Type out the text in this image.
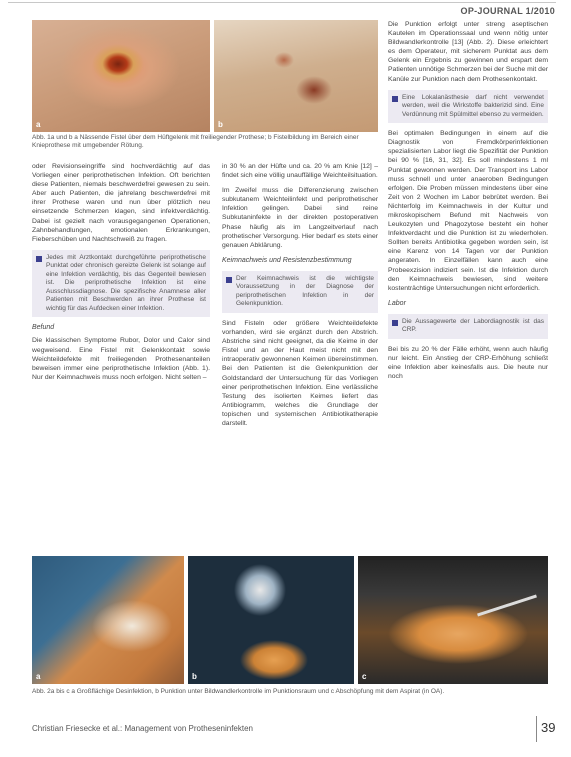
OP-JOURNAL 1/2010
a	b
Abb. 1a und b a Nässende Fistel über dem Hüftgelenk mit freiliegender Prothese; b Fistelbildung im Bereich einer Knieprothese mit umgebender Rötung.

oder Revisionseingriffe sind hochverdächtig auf das Vorliegen einer periprothetischen Infektion. Oft berichten diese Patienten, niemals beschwerdefrei gewesen zu sein. Aber auch Patienten, die jahrelang beschwerdefrei mit ihrer Prothese waren und nun über plötzlich neu einsetzende Schmerzen klagen, sind infektverdächtig. Dabei ist gezielt nach vorausgegangenen Operationen, Zahnbehandlungen, emotionalen Erkrankungen, Fieberschüben und Nachtschweiß zu fragen.

Jedes mit Arztkontakt durchgeführte periprothetische Punktat oder chronisch gereizte Gelenk ist solange auf eine Infektion verdächtig, bis das Gegenteil bewiesen ist. Die periprothetische Infektion ist eine Ausschlussdiagnose. Die spezifische Anamnese aller Patienten mit Beschwerden an ihrer Prothese ist wichtig für das Aufdecken einer Infektion.
Befund

Die klassischen Symptome Rubor, Dolor und Calor sind wegweisend. Eine Fistel mit Gelenkkontakt sowie Weichteildefekte mit freiliegenden Prothesenanteilen beweisen immer eine periprothetische Infektion (Abb. 1). Nur der Keimnachweis muss noch erfolgen. Nicht selten –

in 30 % an der Hüfte und ca. 20 % am Knie [12] – findet sich eine völlig unauffällige Weichteilsituation.

Im Zweifel muss die Differenzierung zwischen subkutanem Weichteilinfekt und periprothetischer Infektion gelingen. Dabei sind reine Subkutaninfekte in der direkten postoperativen Phase häufig als im Langzeitverlauf nach prothetischer Versorgung. Hier bedarf es stets einer genauen Abklärung.

Keimnachweis und Resistenzbestimmung
Der Keimnachweis ist die wichtigste Voraussetzung in der Diagnose der periprothetischen Infektion in der Gelenkpunktion.

Sind Fisteln oder größere Weichteildefekte vorhanden, wird sie ergänzt durch den Abstrich. Abstriche sind nicht geeignet, da die Keime in der Fistel und an der Haut meist nicht mit den intraoperativ gewonnenen Keimen übereinstimmen. Bei den Patienten ist die Gelenkpunktion der Goldstandard der Untersuchung für das Vorliegen einer periprothetischen Infektion. Eine verlässliche Testung des isolierten Keimes liefert das Antibiogramm, welches die Grundlage der topischen und systemischen Antibiotikatherapie darstellt.

Die Punktion erfolgt unter streng aseptischen Kautelen im Operationssaal und wenn nötig unter Bildwandlerkontrolle [13] (Abb. 2). Diese erleichtert es dem Operateur, mit sicherem Punktat aus dem Gelenk ein Ergebnis zu gewinnen und erspart dem Patienten unnötige Schmerzen bei der Suche mit der Kanüle zur Punktion nach dem Prothesenkontakt.

Eine Lokalanästhesie darf nicht verwendet werden, weil die Wirkstoffe bakterizid sind. Eine Verdünnung mit Spülmittel ebenso zu vermeiden.

Bei optimalen Bedingungen in einem auf die Diagnostik von Fremdkörperinfektionen spezialisierten Labor liegt die Spezifität der Punktion bei 90 % [16, 31, 32]. Es soll mindestens 1 ml Punktat gewonnen werden. Der Transport ins Labor muss schnell und unter anaeroben Bedingungen erfolgen. Die Proben müssen mindestens über eine Zeit von 2 Wochen im Labor bebrütet werden. Bei Nichterfolg im Keimnachweis in der Kultur und mikroskopischem Befund mit Nachweis von Leukozyten und Phagozytose besteht ein hoher Infektverdacht und die Punktion ist zu wiederholen. Sollten bereits Antibiotika gegeben worden sein, ist eine Karenz von 14 Tagen vor der Punktion angeraten. In Einzelfällen kann auch eine Probeexzision indiziert sein. Ist die Infektion durch den Keimnachweis bewiesen, sind weitere kostenträchtige Untersuchungen nicht erforderlich.

Labor
Die Aussagewerte der Labordiagnostik ist das CRP.

Bei bis zu 20 % der Fälle erhöht, wenn auch häufig nur leicht. Ein Anstieg der CRP-Erhöhung schließt eine Infektion aber keinesfalls aus. Die heute nur noch

a	b	c
Abb. 2a bis c a Großflächige Desinfektion, b Punktion unter Bildwandlerkontrolle im Punktionsraum und c Abschöpfung mit dem Aspirat (in OA).
Christian Friesecke et al.: Management von Protheseninfekten	39
